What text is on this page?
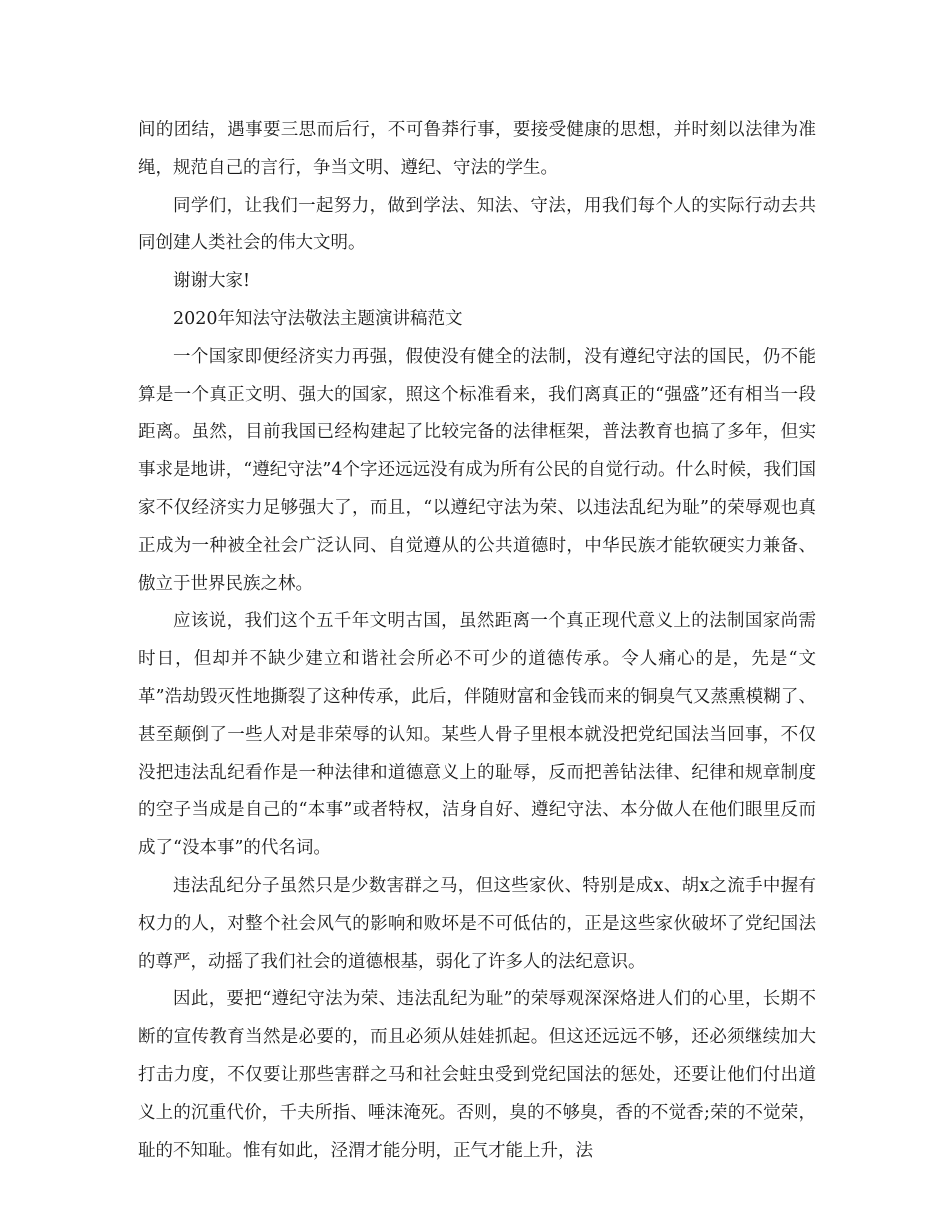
间的团结，遇事要三思而后行，不可鲁莽行事，要接受健康的思想，并时刻以法律为准绳，规范自己的言行，争当文明、遵纪、守法的学生。

同学们，让我们一起努力，做到学法、知法、守法，用我们每个人的实际行动去共同创建人类社会的伟大文明。

谢谢大家!

2020年知法守法敬法主题演讲稿范文

一个国家即便经济实力再强，假使没有健全的法制，没有遵纪守法的国民，仍不能算是一个真正文明、强大的国家，照这个标准看来，我们离真正的“强盛”还有相当一段距离。虽然，目前我国已经构建起了比较完备的法律框架，普法教育也搞了多年，但实事求是地讲，“遵纪守法”4个字还远远没有成为所有公民的自觉行动。什么时候，我们国家不仅经济实力足够强大了，而且，“以遵纪守法为荣、以违法乱纪为耻”的荣辱观也真正成为一种被全社会广泛认同、自觉遵从的公共道德时，中华民族才能软硬实力兼备、傲立于世界民族之林。

应该说，我们这个五千年文明古国，虽然距离一个真正现代意义上的法制国家尚需时日，但却并不缺少建立和谐社会所必不可少的道德传承。令人痛心的是，先是“文革”浩劫毁灭性地撕裂了这种传承，此后，伴随财富和金钱而来的铜臭气又蒸熏模糊了、甚至颠倒了一些人对是非荣辱的认知。某些人骨子里根本就没把党纪国法当回事，不仅没把违法乱纪看作是一种法律和道德意义上的耻辱，反而把善钻法律、纪律和规章制度的空子当成是自己的“本事”或者特权，洁身自好、遵纪守法、本分做人在他们眼里反而成了“没本事”的代名词。

违法乱纪分子虽然只是少数害群之马，但这些家伙、特别是成x、胡x之流手中握有权力的人，对整个社会风气的影响和败坏是不可低估的，正是这些家伙破坏了党纪国法的尊严，动摇了我们社会的道德根基，弱化了许多人的法纪意识。

因此，要把“遵纪守法为荣、违法乱纪为耻”的荣辱观深深烙进人们的心里，长期不断的宣传教育当然是必要的，而且必须从娃娃抓起。但这还远远不够，还必须继续加大打击力度，不仅要让那些害群之马和社会蛀虫受到党纪国法的惩处，还要让他们付出道义上的沉重代价，千夫所指、唾沫淹死。否则，臭的不够臭，香的不觉香;荣的不觉荣，耻的不知耻。惟有如此，泾渭才能分明，正气才能上升，法
